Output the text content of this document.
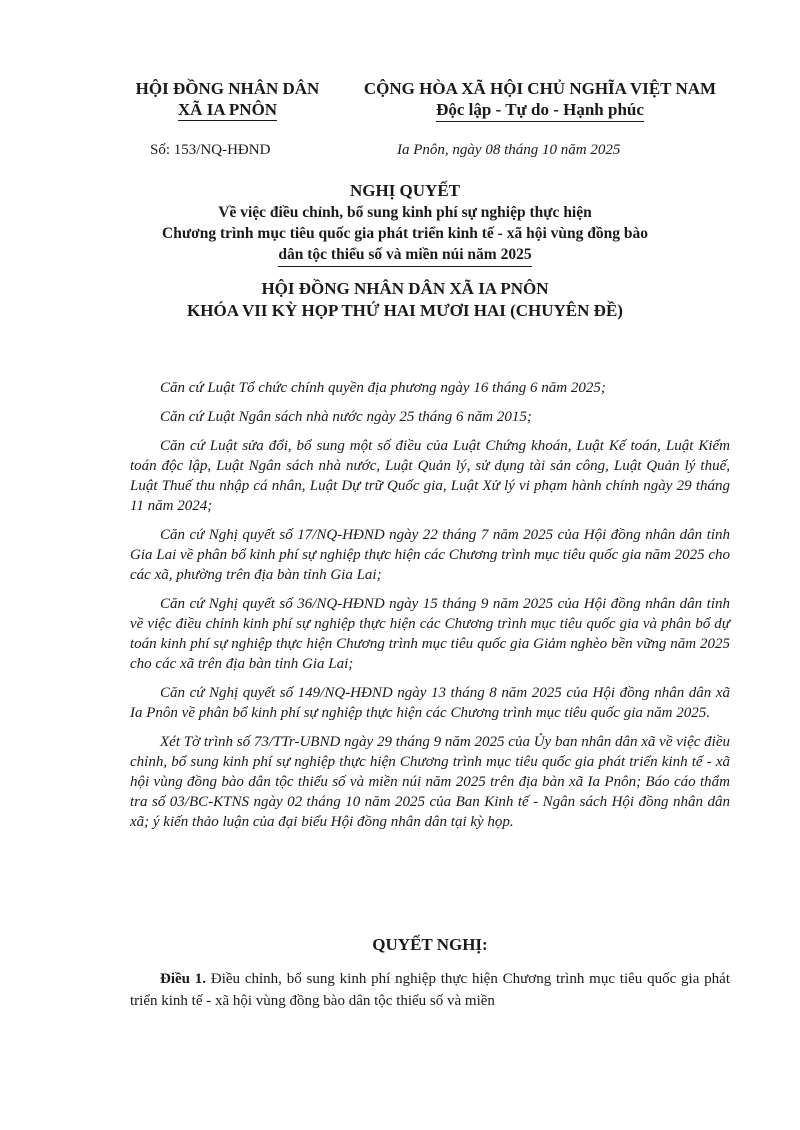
HỘI ĐỒNG NHÂN DÂN
XÃ IA PNÔN
CỘNG HÒA XÃ HỘI CHỦ NGHĨA VIỆT NAM
Độc lập - Tự do - Hạnh phúc
Số: 153/NQ-HĐND	Ia Pnôn, ngày 08 tháng 10 năm 2025
NGHỊ QUYẾT
Về việc điều chỉnh, bổ sung kinh phí sự nghiệp thực hiện
Chương trình mục tiêu quốc gia phát triển kinh tế - xã hội vùng đồng bào
dân tộc thiểu số và miền núi năm 2025
HỘI ĐỒNG NHÂN DÂN XÃ IA PNÔN
KHÓA VII KỲ HỌP THỨ HAI MƯƠI HAI (CHUYÊN ĐỀ)

Căn cứ Luật Tổ chức chính quyền địa phương ngày 16 tháng 6 năm 2025;

Căn cứ Luật Ngân sách nhà nước ngày 25 tháng 6 năm 2015;

Căn cứ Luật sửa đổi, bổ sung một số điều của Luật Chứng khoán, Luật Kế toán, Luật Kiểm toán độc lập, Luật Ngân sách nhà nước, Luật Quản lý, sử dụng tài sản công, Luật Quản lý thuế, Luật Thuế thu nhập cá nhân, Luật Dự trữ Quốc gia, Luật Xử lý vi phạm hành chính ngày 29 tháng 11 năm 2024;

Căn cứ Nghị quyết số 17/NQ-HĐND ngày 22 tháng 7 năm 2025 của Hội đồng nhân dân tỉnh Gia Lai về phân bổ kinh phí sự nghiệp thực hiện các Chương trình mục tiêu quốc gia năm 2025 cho các xã, phường trên địa bàn tỉnh Gia Lai;

Căn cứ Nghị quyết số 36/NQ-HĐND ngày 15 tháng 9 năm 2025 của Hội đồng nhân dân tỉnh về việc điều chỉnh kinh phí sự nghiệp thực hiện các Chương trình mục tiêu quốc gia và phân bổ dự toán kinh phí sự nghiệp thực hiện Chương trình mục tiêu quốc gia Giảm nghèo bền vững năm 2025 cho các xã trên địa bàn tỉnh Gia Lai;

Căn cứ Nghị quyết số 149/NQ-HĐND ngày 13 tháng 8 năm 2025 của Hội đồng nhân dân xã Ia Pnôn về phân bổ kinh phí sự nghiệp thực hiện các Chương trình mục tiêu quốc gia năm 2025.

Xét Tờ trình số 73/TTr-UBND ngày 29 tháng 9 năm 2025 của Ủy ban nhân dân xã về việc điều chỉnh, bổ sung kinh phí sự nghiệp thực hiện Chương trình mục tiêu quốc gia phát triển kinh tế - xã hội vùng đồng bào dân tộc thiểu số và miền núi năm 2025 trên địa bàn xã Ia Pnôn; Báo cáo thẩm tra số 03/BC-KTNS ngày 02 tháng 10 năm 2025 của Ban Kinh tế - Ngân sách Hội đồng nhân dân xã; ý kiến thảo luận của đại biểu Hội đồng nhân dân tại kỳ họp.

QUYẾT NGHỊ:
Điều 1. Điều chỉnh, bổ sung kinh phí nghiệp thực hiện Chương trình mục tiêu quốc gia phát triển kinh tế - xã hội vùng đồng bào dân tộc thiểu số và miền
